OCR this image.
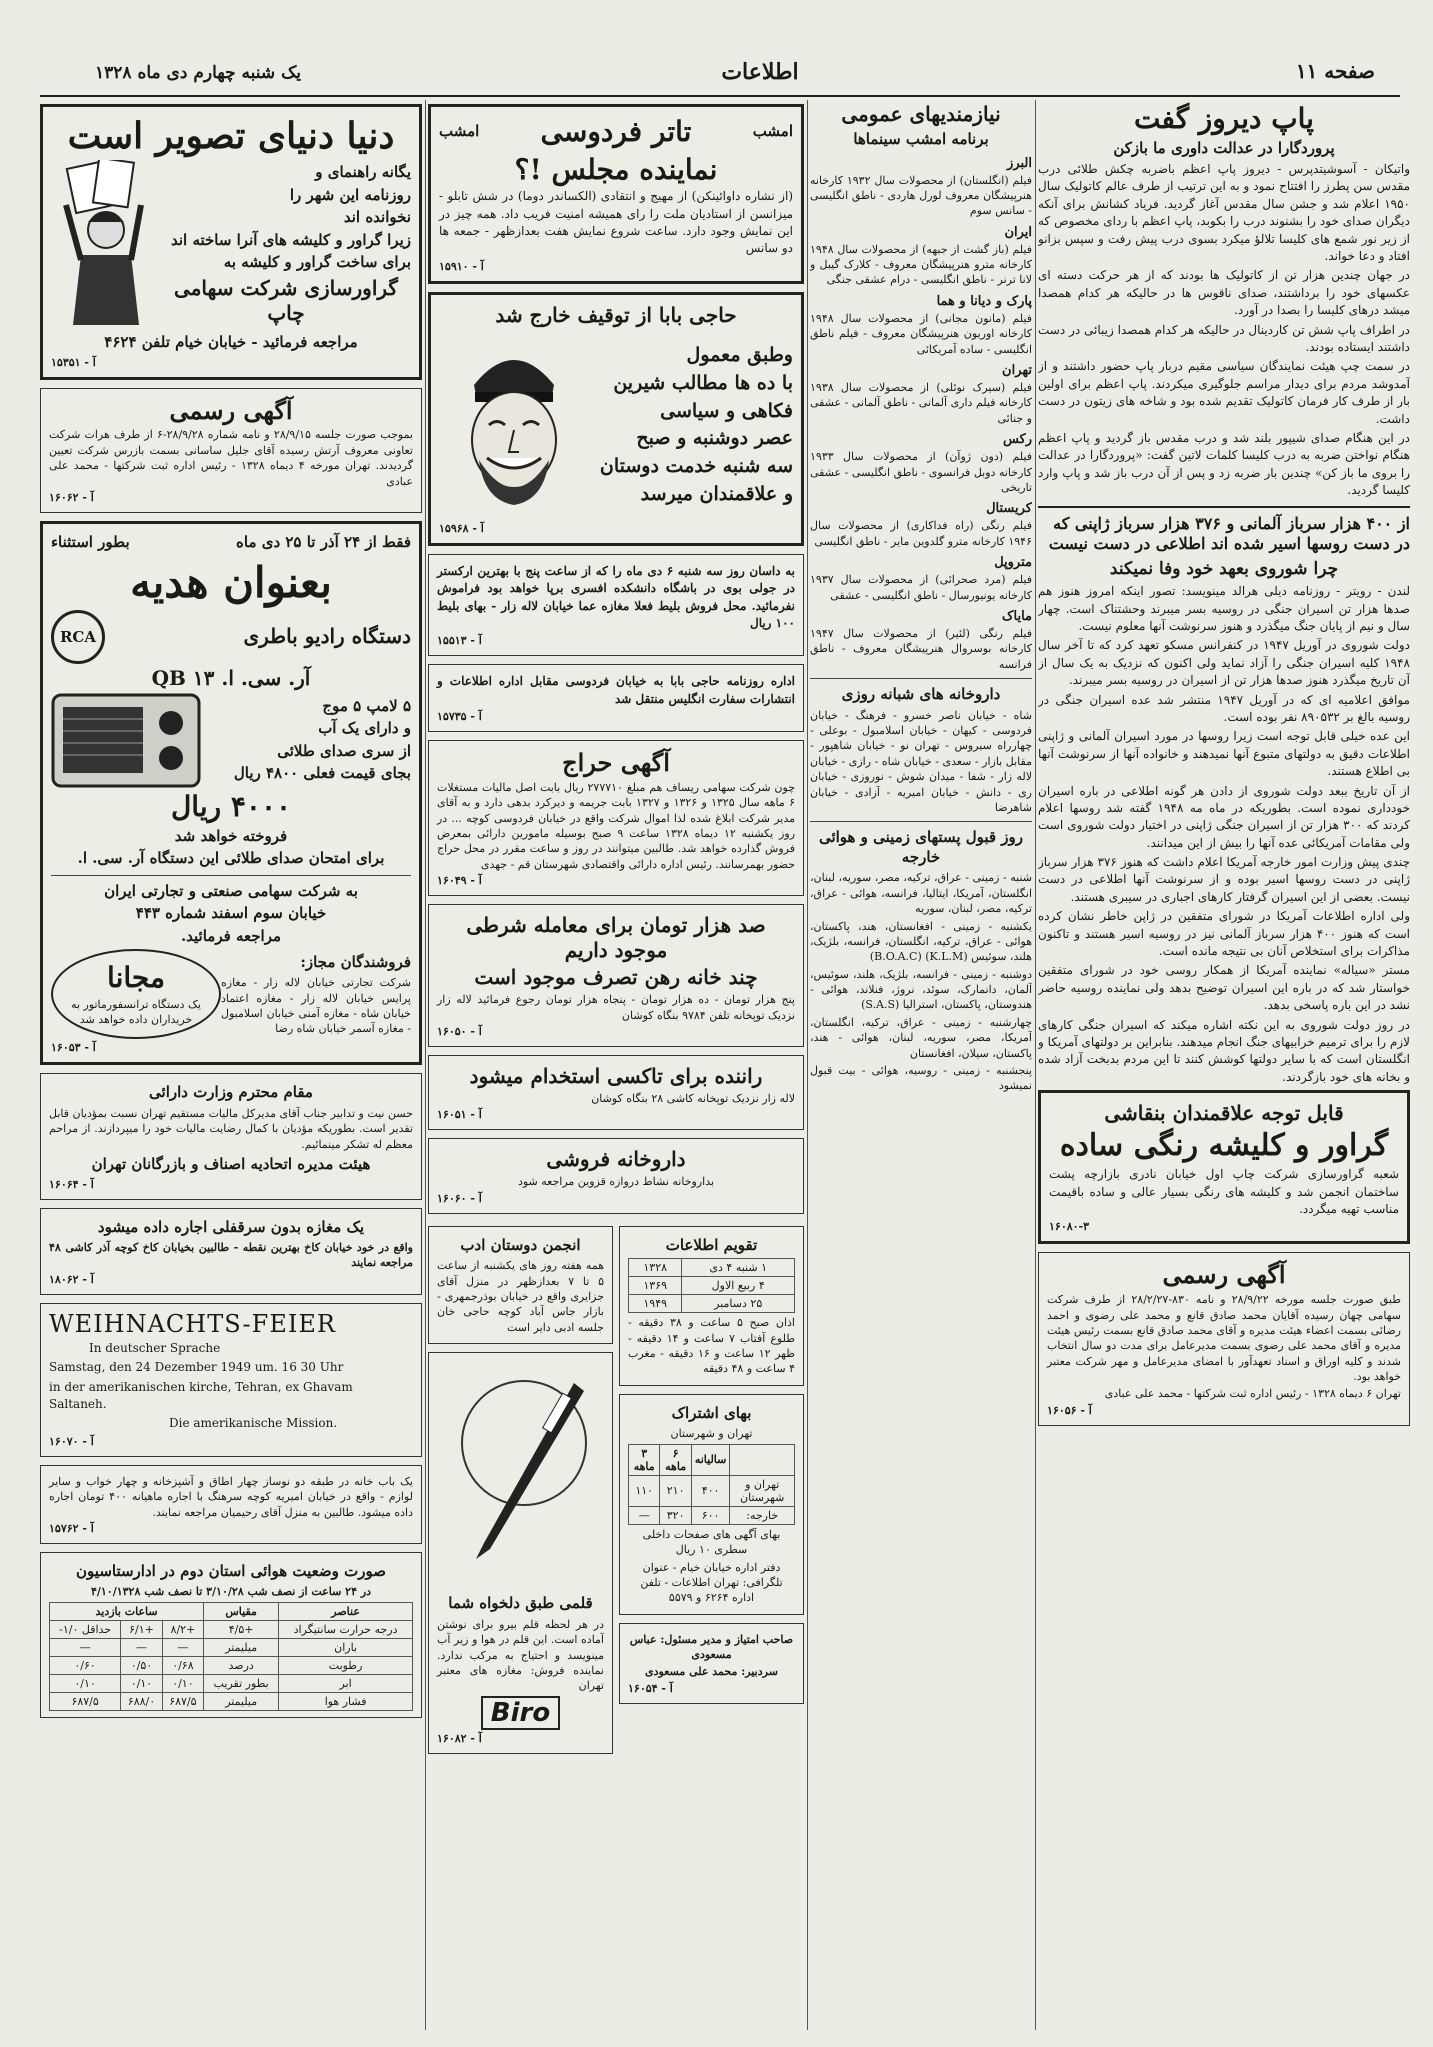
یک شنبه چهارم دی ماه ۱۳۲۸	اطلاعات	صفحه ۱۱
پاپ دیروز گفت
پروردگارا در عدالت داوری ما بازکن

واتیکان - آسوشیتدپرس - دیروز پاپ اعظم باضربه چکش طلائی درب مقدس سن پطرز را افتتاح نمود و به این ترتیب از طرف عالم کاتولیک سال ۱۹۵۰ اعلام شد و جشن سال مقدس آغاز گردید. فریاد کشانش برای آنکه دیگران صدای خود را بشنوند درب را بکوبد، پاپ اعظم با ردای مخصوص که از زیر نور شمع های کلیسا تلالؤ میکرد بسوی درب پیش رفت و سپس بزانو افتاد و دعا خواند.

در جهان چندین هزار تن از کاتولیک ها بودند که از هر حرکت دسته ای عکسهای خود را برداشتند، صدای ناقوس ها در حالیکه هر کدام همصدا میشد درهای کلیسا را بصدا در آورد.

در اطراف پاپ شش تن کاردینال در حالیکه هر کدام همصدا زیبائی در دست داشتند ایستاده بودند.

در سمت چپ هیئت نمایندگان سیاسی مقیم دربار پاپ حضور داشتند و از آمدوشد مردم برای دیدار مراسم جلوگیری میکردند. پاپ اعظم برای اولین بار از طرف کار فرمان کاتولیک تقدیم شده بود و شاخه های زیتون در دست داشت.

در این هنگام صدای شیپور بلند شد و درب مقدس باز گردید و پاپ اعظم هنگام نواختن ضربه به درب کلیسا کلمات لاتین گفت: «پروردگارا در عدالت را بروی ما باز کن» چندین بار ضربه زد و پس از آن درب باز شد و پاپ وارد کلیسا گردید.

از ۴۰۰ هزار سرباز آلمانی و ۳۷۶ هزار سرباز ژاپنی که در دست روسها اسیر شده اند اطلاعی در دست نیست
چرا شوروی بعهد خود وفا نمیکند

لندن - رویتر - روزنامه دیلی هرالد مینویسد: تصور اینکه امروز هنوز هم صدها هزار تن اسیران جنگی در روسیه بسر میبرند وحشتناک است. چهار سال و نیم از پایان جنگ میگذرد و هنوز سرنوشت آنها معلوم نیست.

دولت شوروی در آوریل ۱۹۴۷ در کنفرانس مسکو تعهد کرد که تا آخر سال ۱۹۴۸ کلیه اسیران جنگی را آزاد نماید ولی اکنون که نزدیک به یک سال از آن تاریخ میگذرد هنوز صدها هزار تن از اسیران در روسیه بسر میبرند.

موافق اعلامیه ای که در آوریل ۱۹۴۷ منتشر شد عده اسیران جنگی در روسیه بالغ بر ۸۹۰۵۳۲ نفر بوده است.

این عده خیلی قابل توجه است زیرا روسها در مورد اسیران آلمانی و ژاپنی اطلاعات دقیق به دولتهای متبوع آنها نمیدهند و خانواده آنها از سرنوشت آنها بی اطلاع هستند.

از آن تاریخ ببعد دولت شوروی از دادن هر گونه اطلاعی در باره اسیران خودداری نموده است. بطوریکه در ماه مه ۱۹۴۸ گفته شد روسها اعلام کردند که ۳۰۰ هزار تن از اسیران جنگی ژاپنی در اختیار دولت شوروی است ولی مقامات آمریکائی عده آنها را بیش از این میدانند.

چندی پیش وزارت امور خارجه آمریکا اعلام داشت که هنوز ۳۷۶ هزار سرباز ژاپنی در دست روسها اسیر بوده و از سرنوشت آنها اطلاعی در دست نیست. بعضی از این اسیران گرفتار کارهای اجباری در سیبری هستند.

ولی اداره اطلاعات آمریکا در شورای متفقین در ژاپن خاطر نشان کرده است که هنوز ۴۰۰ هزار سرباز آلمانی نیز در روسیه اسیر هستند و تاکنون مذاکرات برای استخلاص آنان بی نتیجه مانده است.

مستر «سیاله» نماینده آمریکا از همکار روسی خود در شورای متفقین خواستار شد که در باره این اسیران توضیح بدهد ولی نماینده روسیه حاضر نشد در این باره پاسخی بدهد.

در روز دولت شوروی به این نکته اشاره میکند که اسیران جنگی کارهای لازم را برای ترمیم خرابیهای جنگ انجام میدهند. بنابراین بر دولتهای آمریکا و انگلستان است که با سایر دولتها کوشش کنند تا این مردم بدبخت آزاد شده و بخانه های خود بازگردند.

قابل توجه علاقمندان بنقاشی
گراور و کلیشه رنگی ساده

شعبه گراورسازی شرکت چاپ اول خیابان نادری بازارچه پشت ساختمان انجمن شد و کلیشه های رنگی بسیار عالی و ساده باقیمت مناسب تهیه میگردد.

۱۶۰۸۰-۳
آگهی رسمی

طبق صورت جلسه مورخه ۲۸/۹/۲۲ و نامه ۸۳۰-۲۸/۲/۲۷ از طرف شرکت سهامی چهان رسیده آقایان محمد صادق قانع و محمد علی رضوی و احمد رضائی بسمت اعضاء هیئت مدیره و آقای محمد صادق قانع بسمت رئیس هیئت مدیره و آقای محمد علی رضوی بسمت مدیرعامل برای مدت دو سال انتخاب شدند و کلیه اوراق و اسناد تعهدآور با امضای مدیرعامل و مهر شرکت معتبر خواهد بود.

تهران ۶ دیماه ۱۳۲۸ - رئیس اداره ثبت شرکتها - محمد علی عبادی

آ - ۱۶۰۵۶
نیازمندیهای عمومی
برنامه امشب سینماها
البرز

فیلم (انگلستان) از محصولات سال ۱۹۳۲ کارخانه هنرپیشگان معروف لورل هاردی - ناطق انگلیسی - سانس سوم

ایران

فیلم (باز گشت از جبهه) از محصولات سال ۱۹۴۸ کارخانه مترو هنرپیشگان معروف - کلارک گیبل و لانا ترنر - ناطق انگلیسی - درام عشقی جنگی

پارک و دیانا و هما

فیلم (مانون مجانی) از محصولات سال ۱۹۴۸ کارخانه اوریون هنرپیشگان معروف - فیلم ناطق انگلیسی - ساده آمریکائی

تهران

فیلم (سیرک نوئلی) از محصولات سال ۱۹۳۸ کارخانه فیلم داری آلمانی - ناطق آلمانی - عشقی و جنائی

رکس

فیلم (دون ژوآن) از محصولات سال ۱۹۳۳ کارخانه دوبل فرانسوی - ناطق انگلیسی - عشقی تاریخی

کریستال

فیلم رنگی (راه فداکاری) از محصولات سال ۱۹۴۶ کارخانه مترو گلدوین مایر - ناطق انگلیسی

متروپل

فیلم (مرد صحرائی) از محصولات سال ۱۹۳۷ کارخانه یونیورسال - ناطق انگلیسی - عشقی

مایاک

فیلم رنگی (ل‍ئیر) از محصولات سال ۱۹۴۷ کارخانه بوسروال هنرپیشگان معروف - ناطق فرانسه

داروخانه های شبانه روزی

شاه - خیابان ناصر خسرو - فرهنگ - خیابان فردوسی - کیهان - خیابان اسلامبول - بوعلی - چهارراه سیروس - تهران نو - خیابان شاهپور - مقابل بازار - سعدی - خیابان شاه - رازی - خیابان لاله زار - شفا - میدان شوش - نوروزی - خیابان ری - دانش - خیابان امیریه - آزادی - خیابان شاهرضا

روز قبول پستهای زمینی و هوائی خارجه

شنبه - زمینی - عراق، ترکیه، مصر، سوریه، لبنان، انگلستان، آمریکا، ایتالیا، فرانسه، هوائی - عراق، ترکیه، مصر، لبنان، سوریه

یکشنبه - زمینی - افغانستان، هند، پاکستان، هوائی - عراق، ترکیه، انگلستان، فرانسه، بلژیک، هلند، سوئیس (K.L.M) (B.O.A.C)

دوشنبه - زمینی - فرانسه، بلژیک، هلند، سوئیس، آلمان، دانمارک، سوئد، نروژ، فنلاند، هوائی - هندوستان، پاکستان، استرالیا (S.A.S)

چهارشنبه - زمینی - عراق، ترکیه، انگلستان، آمریکا، مصر، سوریه، لبنان، هوائی - هند، پاکستان، سیلان، افغانستان

پنجشنبه - زمینی - روسیه، هوائی - بیت قبول نمیشود

امشب
تاتر فردوسی
امشب
نماینده مجلس !؟

(از نشاره داوائینکن) از مهیج و انتقادی (الکساندر دوما) در شش تابلو - میزانسن از استادیان ملت را رای همیشه امنیت فریب داد. همه چیز در این نمایش وجود دارد. ساعت شروع نمایش هفت بعدازظهر - جمعه ها دو سانس

آ - ۱۵۹۱۰
حاجی بابا از توقیف خارج شد
وطبق معمول
با ده ها مطالب شیرین
فکاهی و سیاسی
عصر دوشنبه و صبح
سه شنبه خدمت دوستان
و علاقمندان میرسد
آ - ۱۵۹۶۸

به داسان روز سه شنبه ۶ دی ماه را که از ساعت پنج با بهترین ارکستر در جولی بوی در باشگاه دانشکده افسری برپا خواهد بود فراموش نفرمائید. محل فروش بلیط فعلا مغازه عما خیابان لاله زار - بهای بلیط ۱۰۰ ریال

آ - ۱۵۵۱۳

اداره روزنامه حاجی بابا به خیابان فردوسی مقابل اداره اطلاعات و انتشارات سفارت انگلیس منتقل شد

آ - ۱۵۷۳۵
آگهی حراج

چون شرکت سهامی ریساف هم مبلغ ۲۷۷۷۱۰ ریال بابت اصل مالیات مستغلات ۶ ماهه سال ۱۳۲۵ و ۱۳۲۶ و ۱۳۲۷ بابت جریمه و دیرکرد بدهی دارد و به آقای مدیر شرکت ابلاغ شده لذا اموال شرکت واقع در خیابان فردوسی کوچه ... در روز یکشنبه ۱۲ دیماه ۱۳۲۸ ساعت ۹ صبح بوسیله مامورین دارائی بمعرض فروش گذارده خواهد شد. طالبین میتوانند در روز و ساعت مقرر در محل حراج حضور بهمرسانند. رئیس اداره دارائی واقتصادی شهرستان قم - جهدی

آ - ۱۶۰۴۹
صد هزار تومان برای معامله شرطی موجود داریم
چند خانه رهن تصرف موجود است

پنج هزار تومان - ده هزار تومان - پنجاه هزار تومان رجوع فرمائید لاله زار نزدیک توپخانه تلفن ۹۷۸۴ بنگاه کوشان

آ - ۱۶۰۵۰
راننده برای تاکسی استخدام میشود

لاله زار نزدیک توپخانه کاشی ۲۸ بنگاه کوشان

آ - ۱۶۰۵۱
داروخانه فروشی

بداروخانه نشاط دروازه قزوین مراجعه شود

آ - ۱۶۰۶۰
تقویم اطلاعات
۱ شنبه ۴ دی	۱۳۲۸
۴ ربیع الاول	۱۳۶۹
۲۵ دسامبر	۱۹۴۹

اذان صبح ۵ ساعت و ۳۸ دقیقه - طلوع آفتاب ۷ ساعت و ۱۴ دقیقه - ظهر ۱۲ ساعت و ۱۶ دقیقه - مغرب ۴ ساعت و ۴۸ دقیقه

بهای اشتراک
تهران و شهرستان
	سالیانه	۶ ماهه	۳ ماهه
تهران و شهرستان	۴۰۰	۲۱۰	۱۱۰
خارجه:	۶۰۰	۳۲۰	—

بهای آگهی های صفحات داخلی سطری ۱۰ ریال

دفتر اداره خیابان خیام - عنوان تلگرافی: تهران اطلاعات - تلفن اداره ۶۲۶۴ و ۵۵۷۹

صاحب امتیاز و مدیر مسئول: عباس مسعودی

سردبیر: محمد علی مسعودی

آ - ۱۶۰۵۴
انجمن دوستان ادب

همه هفته روز های یکشنبه از ساعت ۵ تا ۷ بعدازظهر در منزل آقای جزایری واقع در خیابان بوذرجمهری - بازار جاس آباد کوچه حاجی خان جلسه ادبی دایر است

قلمی طبق دلخواه شما

در هر لحظه قلم بیرو برای نوشتن آماده است. این قلم در هوا و زیر آب مینویسد و احتیاج به مرکب ندارد. نماینده فروش: مغازه های معتبر تهران

Biro
آ - ۱۶۰۸۲
دنیا دنیای تصویر است
یگانه راهنمای و
روزنامه این شهر را
نخوانده اند
زیرا گراور و کلیشه های آنرا ساخته اند
برای ساخت گراور و کلیشه به
گراورسازی شرکت سهامی چاپ
مراجعه فرمائید - خیابان خیام تلفن ۴۶۲۴
آ - ۱۵۳۵۱
آگهی رسمی

بموجب صورت جلسه ۲۸/۹/۱۵ و نامه شماره ۲۸/۹/۲۸-۶ از طرف هرات شرکت تعاونی معروف آرتش رسیده آقای جلیل ساسانی بسمت بازرس شرکت تعیین گردیدند. تهران مورخه ۴ دیماه ۱۳۲۸ - رئیس اداره ثبت شرکتها - محمد علی عبادی

آ - ۱۶۰۶۲
فقط از ۲۴ آذر تا ۲۵ دی ماه
بطور استثناء
بعنوان هدیه
دستگاه رادیو باطری
RCA
آر. سی. ا. QB ۱۳
۵ لامپ ۵ موج
و دارای یک آب
از سری صدای طلائی
بجای قیمت فعلی ۴۸۰۰ ریال
۴۰۰۰ ریال
فروخته خواهد شد
برای امتحان صدای طلائی این دستگاه آر. سی. ا.
به شرکت سهامی صنعتی و تجارتی ایران
خیابان سوم اسفند شماره ۴۴۳
مراجعه فرمائید.
فروشندگان مجاز:

شرکت تجارتی خیابان لاله زار - مغازه پرایس خیابان لاله زار - مغازه اعتماد خیابان شاه - مغازه آمنی خیابان اسلامبول - مغازه آسمر خیابان شاه رضا

مجانا
یک دستگاه ترانسفورماتور به خریداران داده خواهد شد
آ - ۱۶۰۵۳
مقام محترم وزارت دارائی

حسن نیت و تدابیر جناب آقای مدیرکل مالیات مستقیم تهران نسبت بمؤدیان قابل تقدیر است. بطوریکه مؤدیان با کمال رضایت مالیات خود را میپردازند. از مراحم معظم له تشکر مینمائیم.

هیئت مدیره اتحادیه اصناف و بازرگانان تهران
آ - ۱۶۰۶۴
یک مغازه بدون سرقفلی اجاره داده میشود

واقع در خود خیابان کاخ بهترین نقطه - طالبین بخیابان کاخ کوچه آذر کاشی ۴۸ مراجعه نمایند

آ - ۱۸۰۶۲
WEIHNACHTS-FEIER
In deutscher Sprache
Samstag, den 24 Dezember 1949 um. 16 30 Uhr
in der amerikanischen kirche, Tehran, ex Ghavam Saltaneh.
Die amerikanische Mission.
آ - ۱۶۰۷۰

یک باب خانه در طبقه دو نوساز چهار اطاق و آشپزخانه و چهار خواب و سایر لوازم - واقع در خیابان امیریه کوچه سرهنگ با اجاره ماهیانه ۴۰۰ تومان اجاره داده میشود. طالبین به منزل آقای رحیمیان مراجعه نمایند.

آ - ۱۵۷۶۲
صورت وضعیت هوائی استان دوم در ادارستاسیون
در ۲۴ ساعت از نصف شب ۳/۱۰/۲۸ تا نصف شب ۴/۱۰/۱۳۲۸
عناصر	مقیاس	ساعات بازدید		
درجه حرارت سانتیگراد	+۴/۵	+۸/۲	+۶/۱	حداقل ۱/۰-
باران	میلیمتر	—	—	—
رطوبت	درصد	۰/۶۸	۰/۵۰	۰/۶۰
ابر	بطور تقریب	۰/۱۰	۰/۱۰	۰/۱۰
فشار هوا	میلیمتر	۶۸۷/۵	۶۸۸/۰	۶۸۷/۵
